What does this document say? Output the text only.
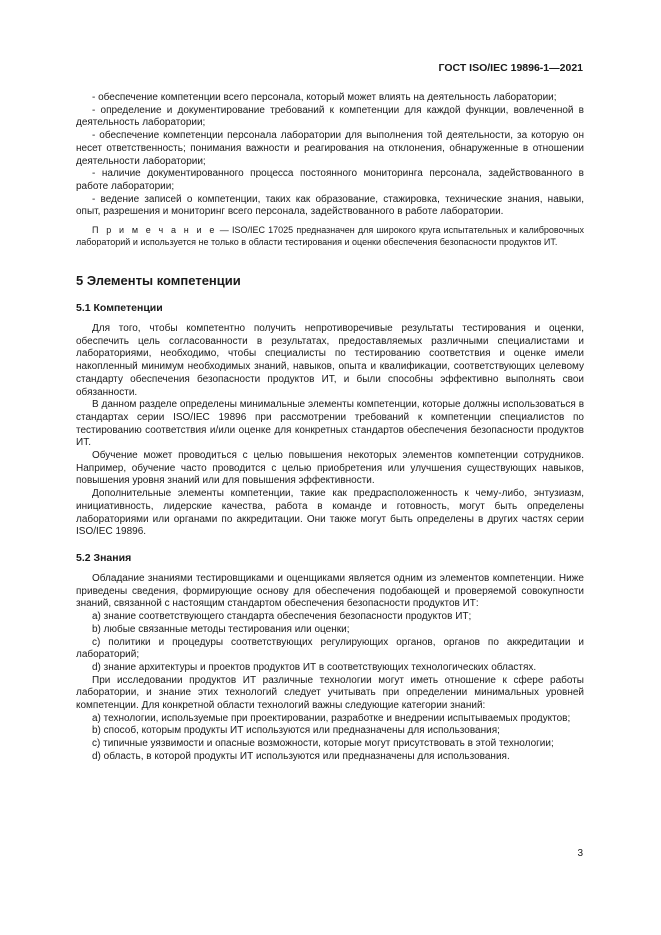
ГОСТ ISO/IEC 19896-1—2021

- обеспечение компетенции всего персонала, который может влиять на деятельность лаборатории;

- определение и документирование требований к компетенции для каждой функции, вовлеченной в деятельность лаборатории;

- обеспечение компетенции персонала лаборатории для выполнения той деятельности, за которую он несет ответственность; понимания важности и реагирования на отклонения, обнаруженные в отношении деятельности лаборатории;

- наличие документированного процесса постоянного мониторинга персонала, задействованного в работе лаборатории;

- ведение записей о компетенции, таких как образование, стажировка, технические знания, навыки, опыт, разрешения и мониторинг всего персонала, задействованного в работе лаборатории.

П р и м е ч а н и е — ISO/IEC 17025 предназначен для широкого круга испытательных и калибровочных лабораторий и используется не только в области тестирования и оценки обеспечения безопасности продуктов ИТ.

5 Элементы компетенции
5.1 Компетенции

Для того, чтобы компетентно получить непротиворечивые результаты тестирования и оценки, обеспечить цель согласованности в результатах, предоставляемых различными специалистами и лабораториями, необходимо, чтобы специалисты по тестированию соответствия и оценке имели накопленный минимум необходимых знаний, навыков, опыта и квалификации, соответствующих целевому стандарту обеспечения безопасности продуктов ИТ, и были способны эффективно выполнять свои обязанности.

В данном разделе определены минимальные элементы компетенции, которые должны использоваться в стандартах серии ISO/IEC 19896 при рассмотрении требований к компетенции специалистов по тестированию соответствия и/или оценке для конкретных стандартов обеспечения безопасности продуктов ИТ.

Обучение может проводиться с целью повышения некоторых элементов компетенции сотрудников. Например, обучение часто проводится с целью приобретения или улучшения существующих навыков, повышения уровня знаний или для повышения эффективности.

Дополнительные элементы компетенции, такие как предрасположенность к чему-либо, энтузиазм, инициативность, лидерские качества, работа в команде и готовность, могут быть определены лабораториями или органами по аккредитации. Они также могут быть определены в других частях серии ISO/IEC 19896.

5.2 Знания

Обладание знаниями тестировщиками и оценщиками является одним из элементов компетенции. Ниже приведены сведения, формирующие основу для обеспечения подобающей и проверяемой совокупности знаний, связанной с настоящим стандартом обеспечения безопасности продуктов ИТ:

a) знание соответствующего стандарта обеспечения безопасности продуктов ИТ;

b) любые связанные методы тестирования или оценки;

c) политики и процедуры соответствующих регулирующих органов, органов по аккредитации и лабораторий;

d) знание архитектуры и проектов продуктов ИТ в соответствующих технологических областях.

При исследовании продуктов ИТ различные технологии могут иметь отношение к сфере работы лаборатории, и знание этих технологий следует учитывать при определении минимальных уровней компетенции. Для конкретной области технологий важны следующие категории знаний:

a) технологии, используемые при проектировании, разработке и внедрении испытываемых продуктов;

b) способ, которым продукты ИТ используются или предназначены для использования;

c) типичные уязвимости и опасные возможности, которые могут присутствовать в этой технологии;

d) область, в которой продукты ИТ используются или предназначены для использования.

3
